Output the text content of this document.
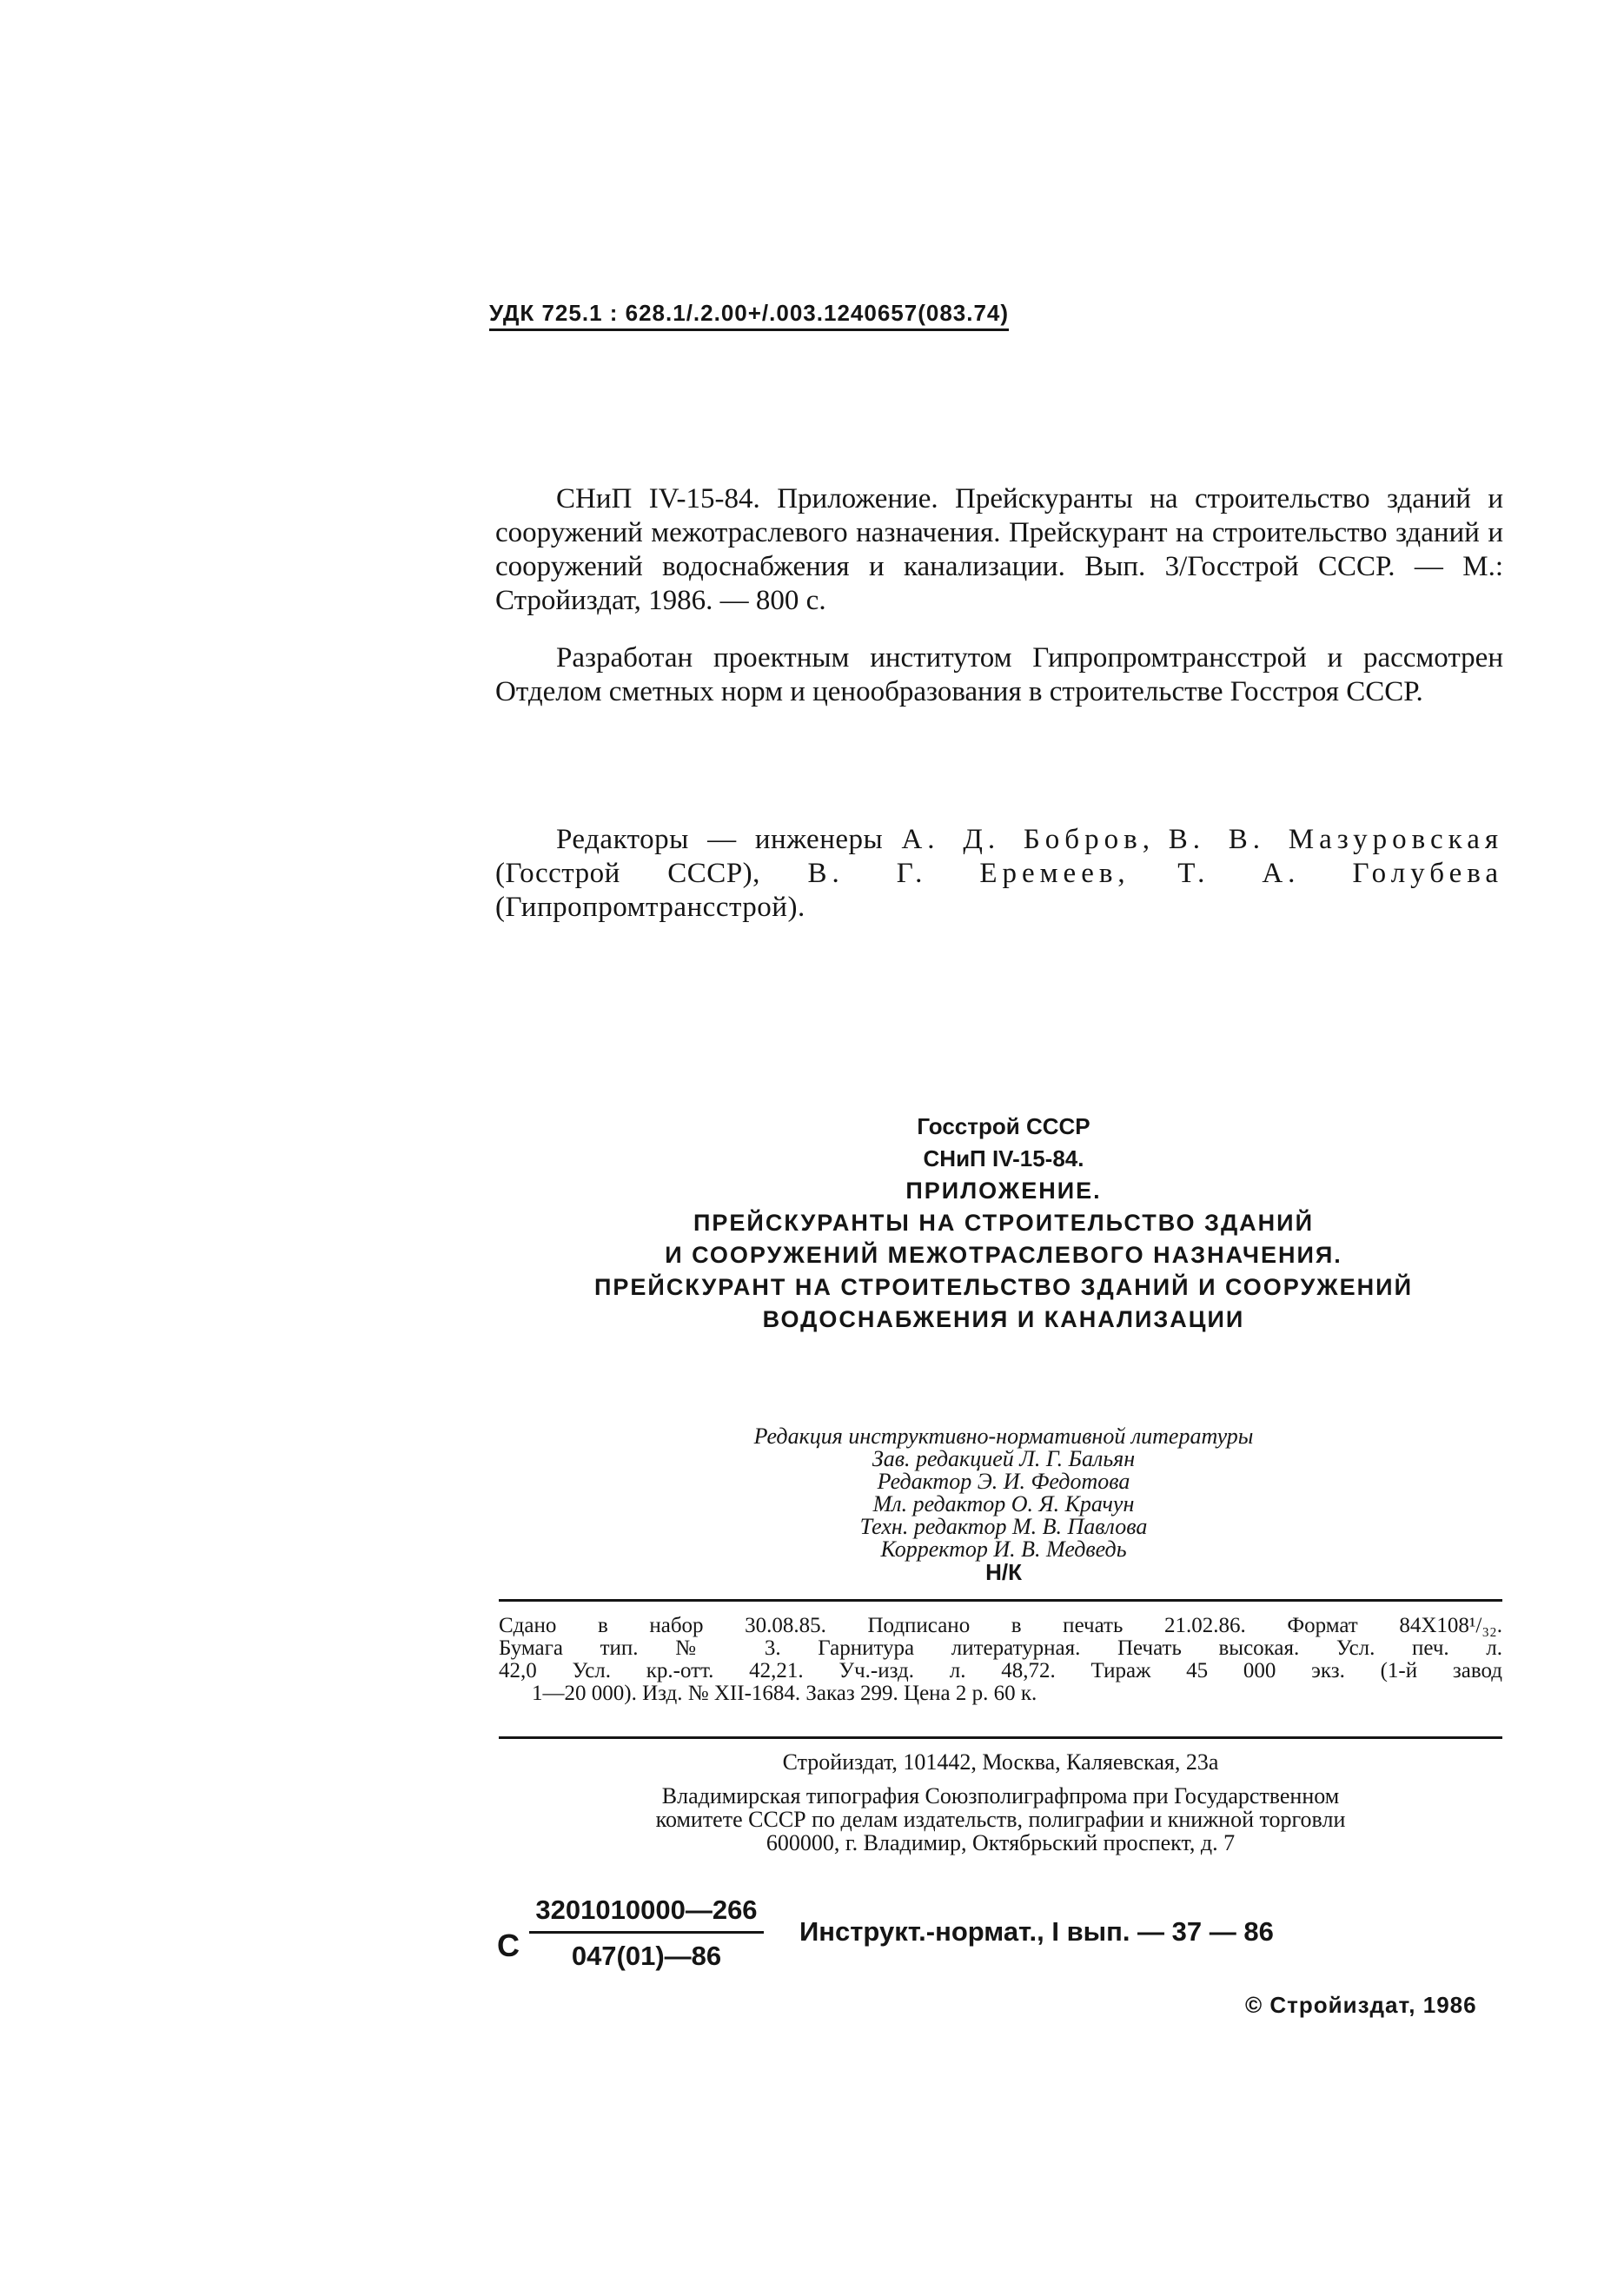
УДК 725.1 : 628.1/.2.00+/.003.1240657(083.74)
СНиП IV-15-84. Приложение. Прейскуранты на строительство зданий и сооружений межотраслевого назначения. Прейскурант на строительство зданий и сооружений водоснабжения и канализации. Вып. 3/Госстрой СССР. — М.: Стройиздат, 1986. — 800 с.
Разработан проектным институтом Гипропромтрансстрой и рассмотрен Отделом сметных норм и ценообразования в строительстве Госстроя СССР.
Редакторы — инженеры А. Д. Бобров, В. В. Мазуровская (Госстрой СССР), В. Г. Еремеев, Т. А. Голубева (Гипропромтрансстрой).
Госстрой СССР
СНиП IV-15-84.
ПРИЛОЖЕНИЕ.
ПРЕЙСКУРАНТЫ НА СТРОИТЕЛЬСТВО ЗДАНИЙ
И СООРУЖЕНИЙ МЕЖОТРАСЛЕВОГО НАЗНАЧЕНИЯ.
ПРЕЙСКУРАНТ НА СТРОИТЕЛЬСТВО ЗДАНИЙ И СООРУЖЕНИЙ
ВОДОСНАБЖЕНИЯ И КАНАЛИЗАЦИИ
Редакция инструктивно-нормативной литературы
Зав. редакцией Л. Г. Бальян
Редактор Э. И. Федотова
Мл. редактор О. Я. Крачун
Техн. редактор М. В. Павлова
Корректор И. В. Медведь
Н/К
Сдано в набор 30.08.85. Подписано в печать 21.02.86. Формат 84X108¹/₃₂.
Бумага тип. № 3. Гарнитура литературная. Печать высокая. Усл. печ. л.
42,0 Усл. кр.-отт. 42,21. Уч.-изд. л. 48,72. Тираж 45 000 экз. (1-й завод
1—20 000). Изд. № XII-1684. Заказ 299. Цена 2 р. 60 к.
Стройиздат, 101442, Москва, Каляевская, 23а
Владимирская типография Союзполиграфпрома при Государственном
комитете СССР по делам издательств, полиграфии и книжной торговли
600000, г. Владимир, Октябрьский проспект, д. 7
С $\frac{3201010000—266}{047(01)—86}$ Инструкт.-нормат., I вып. — 37 — 86
© Стройиздат, 1986
